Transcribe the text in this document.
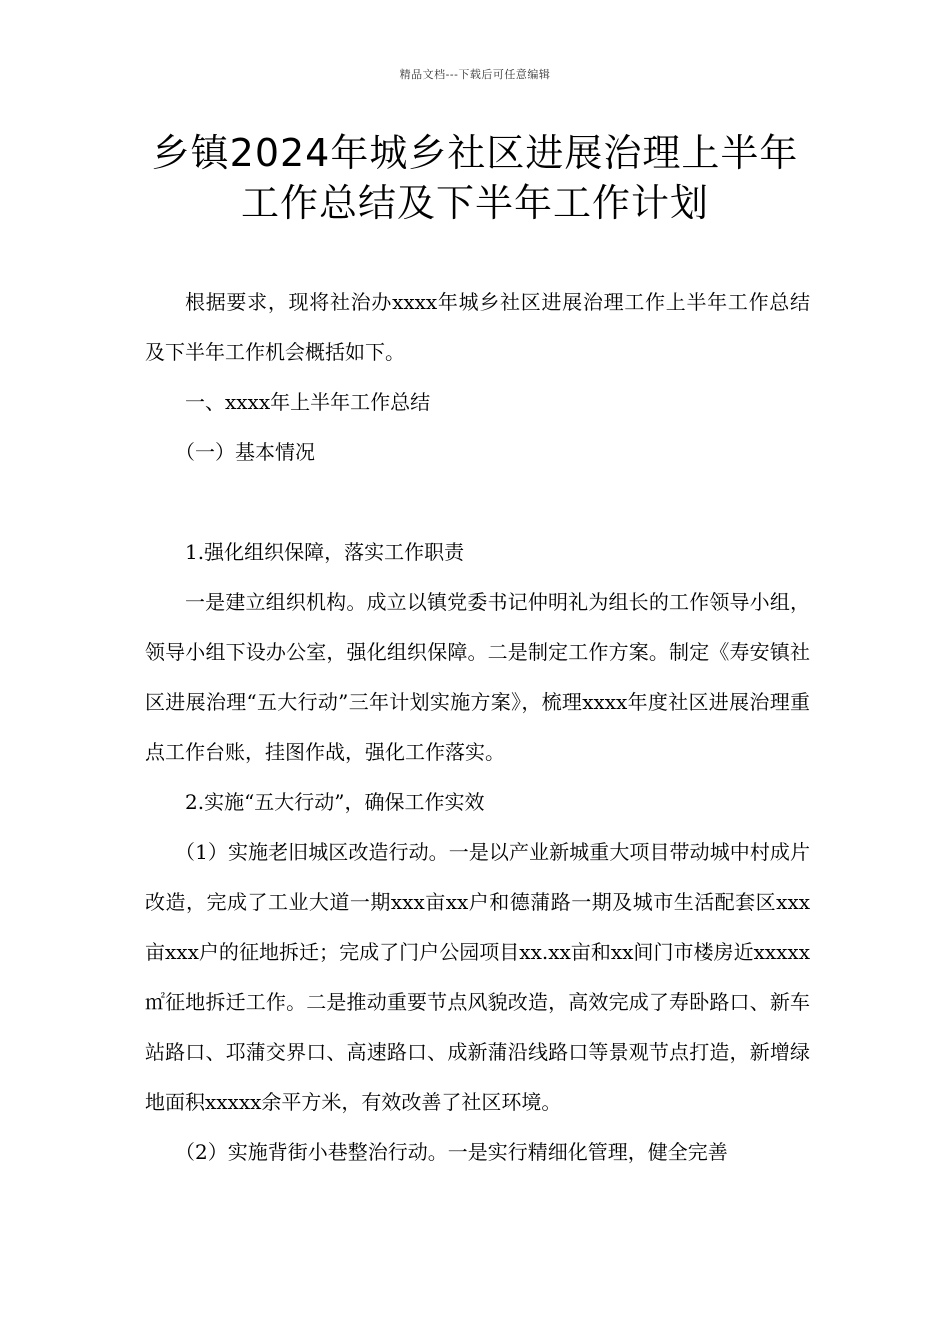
精品文档---下载后可任意编辑
乡镇2024年城乡社区进展治理上半年
工作总结及下半年工作计划

根据要求，现将社治办xxxx年城乡社区进展治理工作上半年工作总结及下半年工作机会概括如下。

一、xxxx年上半年工作总结

（一）基本情况

1.强化组织保障，落实工作职责

一是建立组织机构。成立以镇党委书记仲明礼为组长的工作领导小组，领导小组下设办公室，强化组织保障。二是制定工作方案。制定《寿安镇社区进展治理“五大行动”三年计划实施方案》，梳理xxxx年度社区进展治理重点工作台账，挂图作战，强化工作落实。

2.实施“五大行动”，确保工作实效

（1）实施老旧城区改造行动。一是以产业新城重大项目带动城中村成片改造，完成了工业大道一期xxx亩xx户和德蒲路一期及城市生活配套区xxx亩xxx户的征地拆迁；完成了门户公园项目xx.xx亩和xx间门市楼房近xxxxx㎡征地拆迁工作。二是推动重要节点风貌改造，高效完成了寿卧路口、新车站路口、邛蒲交界口、高速路口、成新蒲沿线路口等景观节点打造，新增绿地面积xxxxx余平方米，有效改善了社区环境。

（2）实施背街小巷整治行动。一是实行精细化管理，健全完善
